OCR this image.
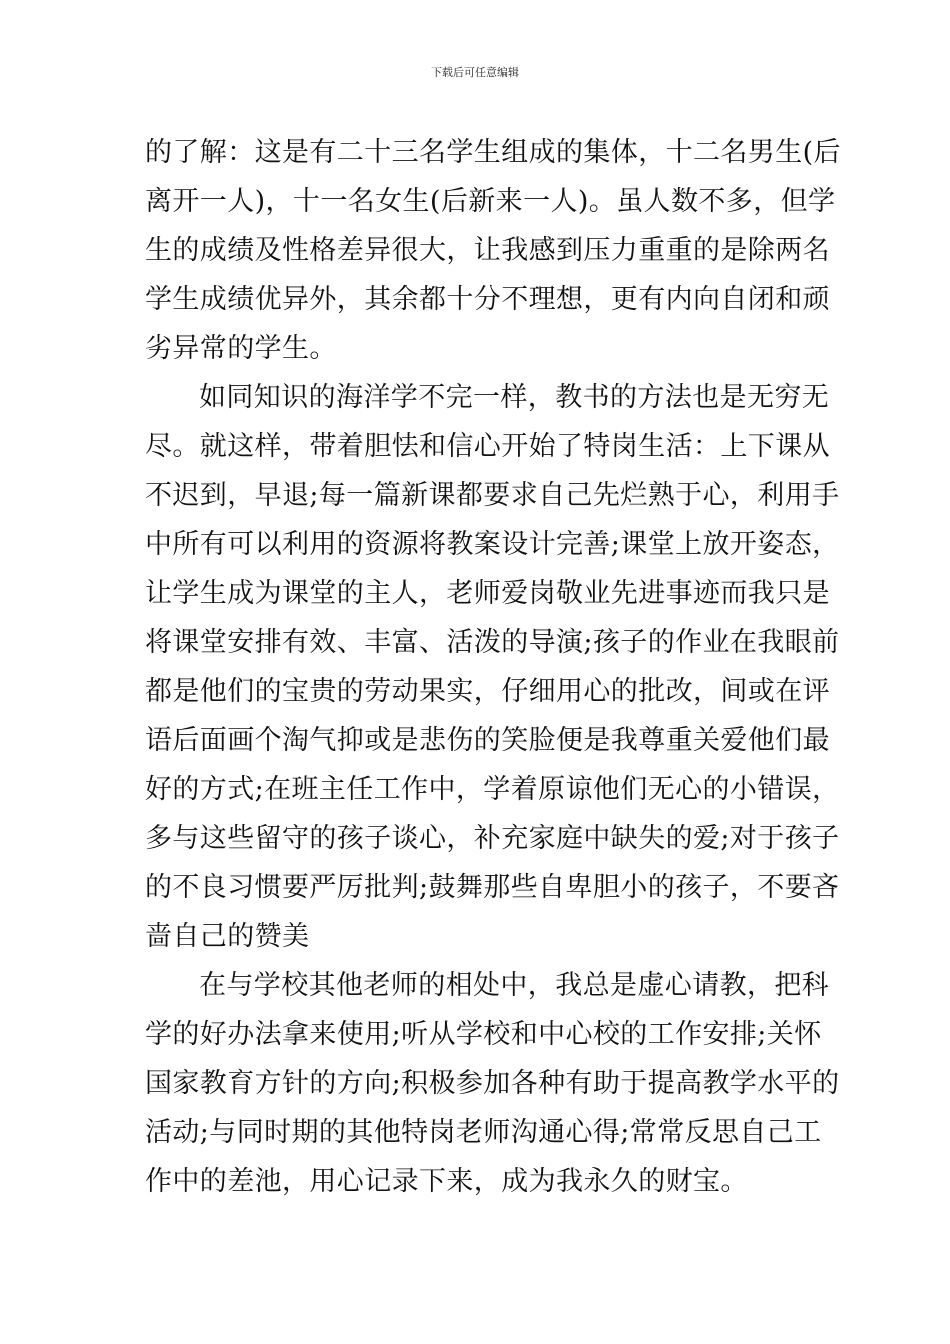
下载后可任意编辑
的了解：这是有二十三名学生组成的集体，十二名男生(后
离开一人)，十一名女生(后新来一人)。虽人数不多，但学
生的成绩及性格差异很大，让我感到压力重重的是除两名
学生成绩优异外，其余都十分不理想，更有内向自闭和顽
劣异常的学生。
如同知识的海洋学不完一样，教书的方法也是无穷无
尽。就这样，带着胆怯和信心开始了特岗生活：上下课从
不迟到，早退;每一篇新课都要求自己先烂熟于心，利用手
中所有可以利用的资源将教案设计完善;课堂上放开姿态，
让学生成为课堂的主人，老师爱岗敬业先进事迹而我只是
将课堂安排有效、丰富、活泼的导演;孩子的作业在我眼前
都是他们的宝贵的劳动果实，仔细用心的批改，间或在评
语后面画个淘气抑或是悲伤的笑脸便是我尊重关爱他们最
好的方式;在班主任工作中，学着原谅他们无心的小错误，
多与这些留守的孩子谈心，补充家庭中缺失的爱;对于孩子
的不良习惯要严厉批判;鼓舞那些自卑胆小的孩子，不要吝
啬自己的赞美
在与学校其他老师的相处中，我总是虚心请教，把科
学的好办法拿来使用;听从学校和中心校的工作安排;关怀
国家教育方针的方向;积极参加各种有助于提高教学水平的
活动;与同时期的其他特岗老师沟通心得;常常反思自己工
作中的差池，用心记录下来，成为我永久的财宝。
